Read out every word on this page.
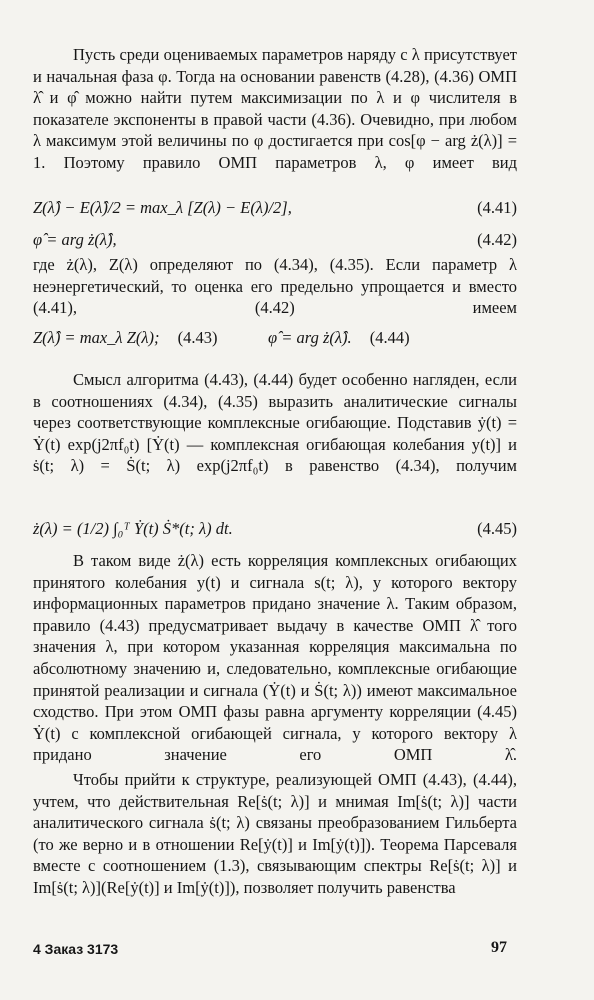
Пусть среди оцениваемых параметров наряду с λ присутствует и начальная фаза φ. Тогда на основании равенств (4.28), (4.36) ОМП λ̂ и φ̂ можно найти путем максимизации по λ и φ числителя в показателе экспоненты в правой части (4.36). Очевидно, при любом λ максимум этой величины по φ достигается при cos[φ − arg ż(λ)] = 1. Поэтому правило ОМП параметров λ, φ имеет вид
Z(λ̂) − E(λ̂)/2 = max_λ [Z(λ) − E(λ)/2],	(4.41)
φ̂ = arg ż(λ̂),	(4.42)
где ż(λ), Z(λ) определяют по (4.34), (4.35). Если параметр λ неэнергетический, то оценка его предельно упрощается и вместо (4.41), (4.42) имеем
Z(λ̂) = max_λ Z(λ); (4.43)	φ̂ = arg ż(λ̂). (4.44)
Смысл алгоритма (4.43), (4.44) будет особенно нагляден, если в соотношениях (4.34), (4.35) выразить аналитические сигналы через соответствующие комплексные огибающие. Подставив ẏ(t) = Ẏ(t) exp(j2πf₀t) [Ẏ(t) — комплексная огибающая колебания y(t)] и ṡ(t; λ) = Ṡ(t; λ) exp(j2πf₀t) в равенство (4.34), получим
ż(λ) = (1/2) ∫₀ᵀ Ẏ(t) Ṡ*(t; λ) dt.	(4.45)
В таком виде ż(λ) есть корреляция комплексных огибающих принятого колебания y(t) и сигнала s(t; λ), у которого вектору информационных параметров придано значение λ. Таким образом, правило (4.43) предусматривает выдачу в качестве ОМП λ̂ того значения λ, при котором указанная корреляция максимальна по абсолютному значению и, следовательно, комплексные огибающие принятой реализации и сигнала (Ẏ(t) и Ṡ(t; λ)) имеют максимальное сходство. При этом ОМП фазы равна аргументу корреляции (4.45) Ẏ(t) с комплексной огибающей сигнала, у которого вектору λ придано значение его ОМП λ̂.
Чтобы прийти к структуре, реализующей ОМП (4.43), (4.44), учтем, что действительная Re[ṡ(t; λ)] и мнимая Im[ṡ(t; λ)] части аналитического сигнала ṡ(t; λ) связаны преобразованием Гильберта (то же верно и в отношении Re[ẏ(t)] и Im[ẏ(t)]). Теорема Парсеваля вместе с соотношением (1.3), связывающим спектры Re[ṡ(t; λ)] и Im[ṡ(t; λ)](Re[ẏ(t)] и Im[ẏ(t)]), позволяет получить равенства
4 Заказ 3173	97
